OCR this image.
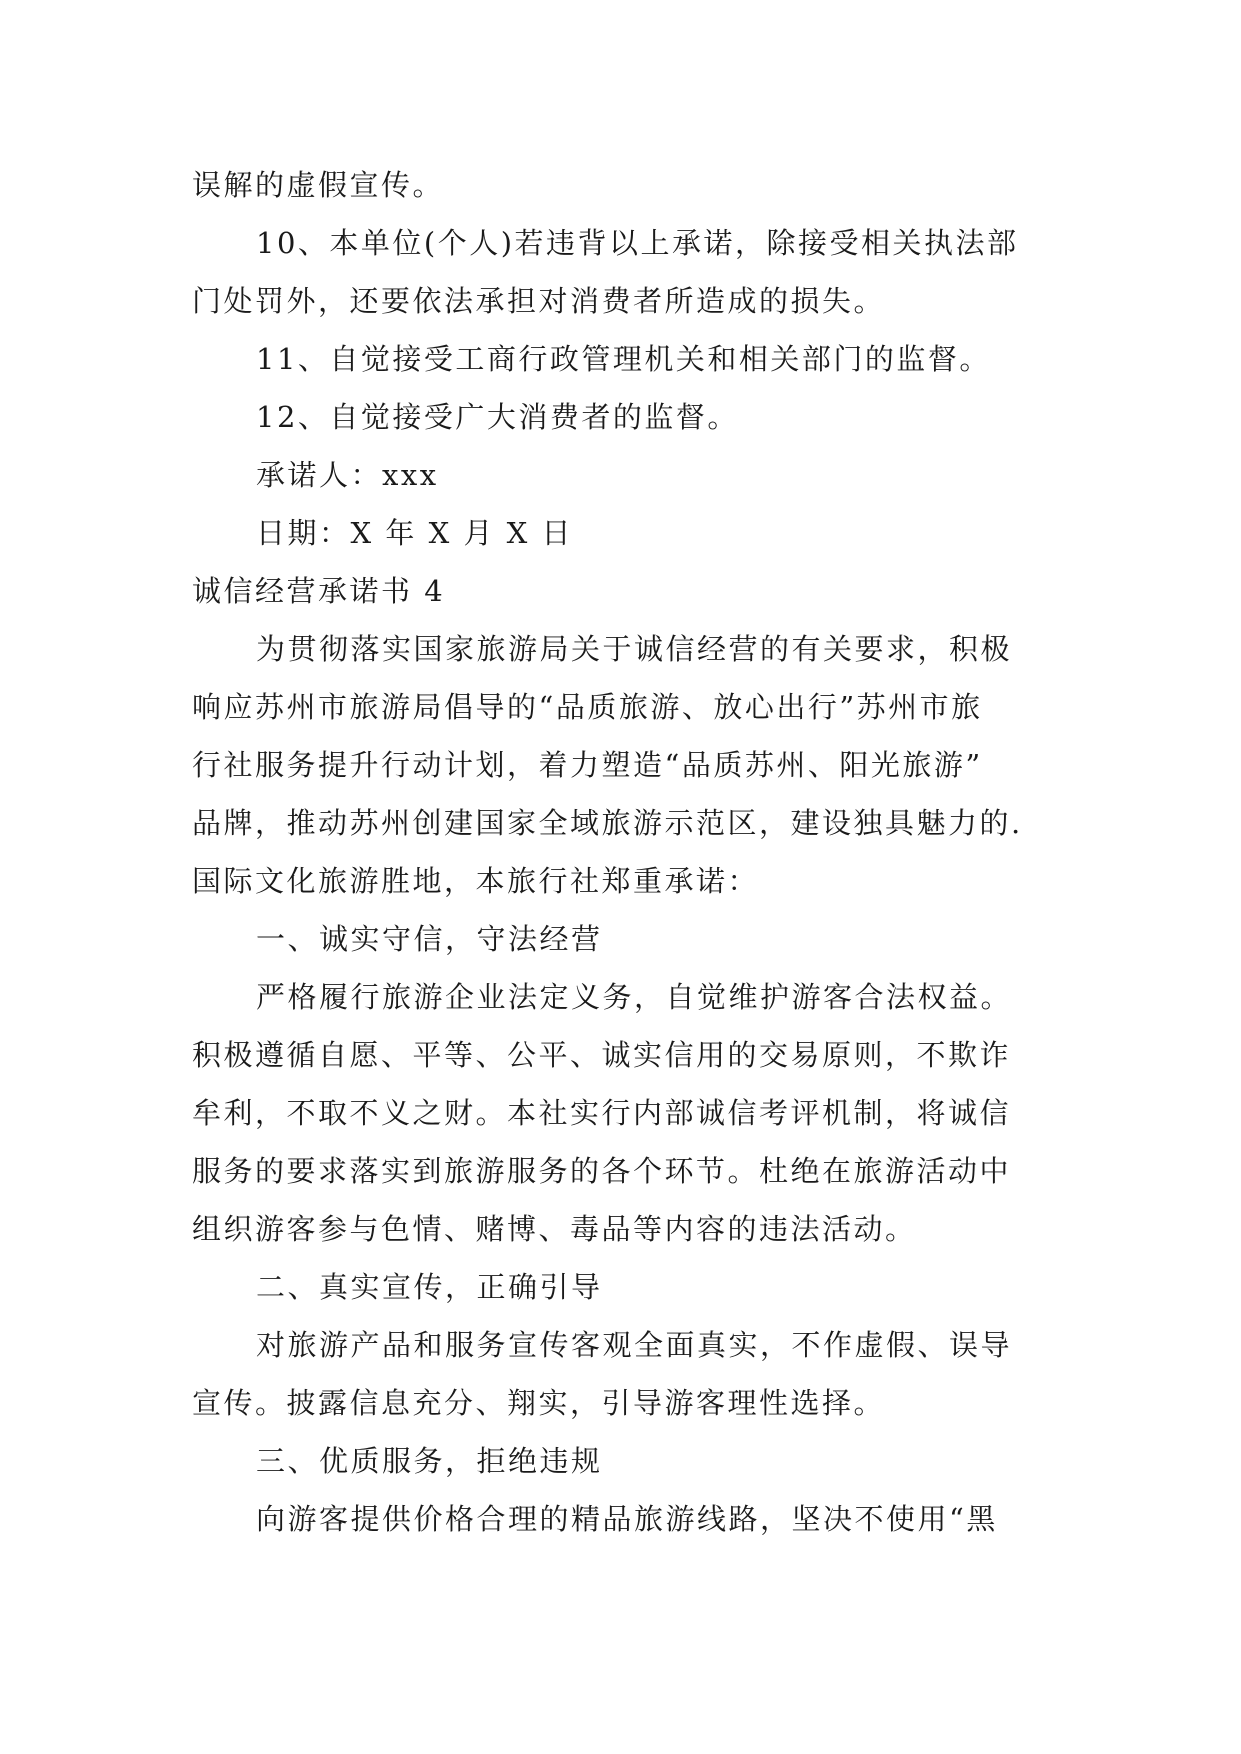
误解的虚假宣传。
10、本单位(个人)若违背以上承诺，除接受相关执法部
门处罚外，还要依法承担对消费者所造成的损失。
11、自觉接受工商行政管理机关和相关部门的监督。
12、自觉接受广大消费者的监督。
承诺人：xxx
日期：X 年 X 月 X 日
诚信经营承诺书 4
为贯彻落实国家旅游局关于诚信经营的有关要求，积极
响应苏州市旅游局倡导的“品质旅游、放心出行”苏州市旅
行社服务提升行动计划，着力塑造“品质苏州、阳光旅游”
品牌，推动苏州创建国家全域旅游示范区，建设独具魅力的.
国际文化旅游胜地，本旅行社郑重承诺：
一、诚实守信，守法经营
严格履行旅游企业法定义务，自觉维护游客合法权益。
积极遵循自愿、平等、公平、诚实信用的交易原则，不欺诈
牟利，不取不义之财。本社实行内部诚信考评机制，将诚信
服务的要求落实到旅游服务的各个环节。杜绝在旅游活动中
组织游客参与色情、赌博、毒品等内容的违法活动。
二、真实宣传，正确引导
对旅游产品和服务宣传客观全面真实，不作虚假、误导
宣传。披露信息充分、翔实，引导游客理性选择。
三、优质服务，拒绝违规
向游客提供价格合理的精品旅游线路，坚决不使用“黑
